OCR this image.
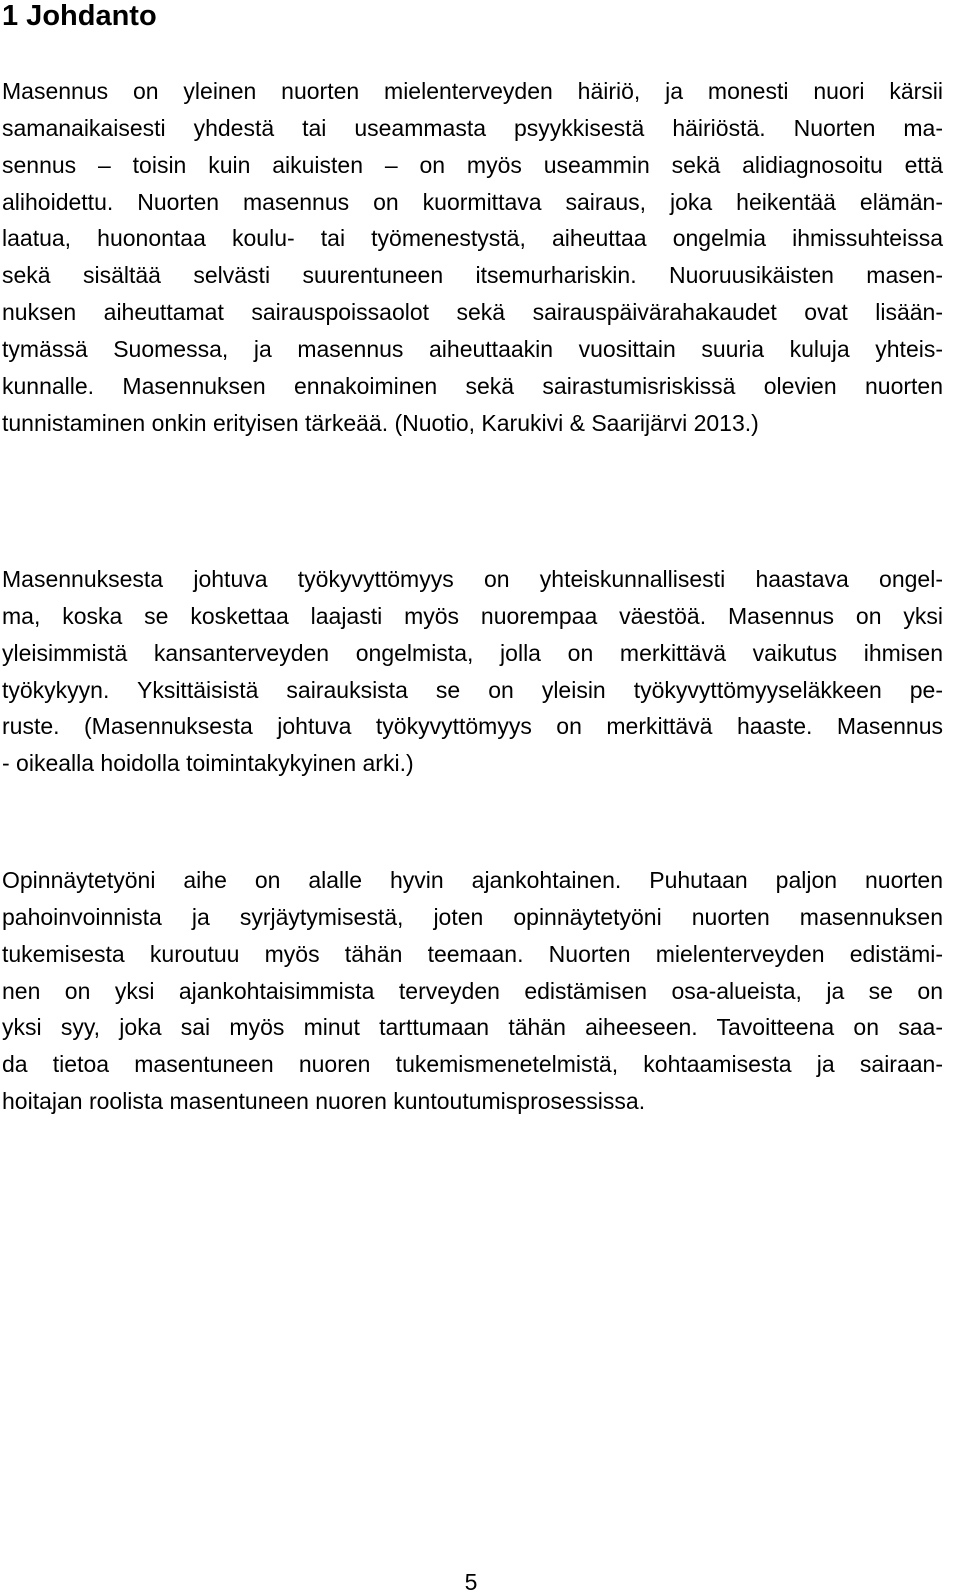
1 Johdanto
Masennus on yleinen nuorten mielenterveyden häiriö, ja monesti nuori kärsii
samanaikaisesti yhdestä tai useammasta psyykkisestä häiriöstä. Nuorten ma-
sennus – toisin kuin aikuisten – on myös useammin sekä alidiagnosoitu että
alihoidettu. Nuorten masennus on kuormittava sairaus, joka heikentää elämän-
laatua, huonontaa koulu- tai työmenestystä, aiheuttaa ongelmia ihmissuhteissa
sekä sisältää selvästi suurentuneen itsemurhariskin. Nuoruusikäisten masen-
nuksen aiheuttamat sairauspoissaolot sekä sairauspäivärahakaudet ovat lisään-
tymässä Suomessa, ja masennus aiheuttaakin vuosittain suuria kuluja yhteis-
kunnalle. Masennuksen ennakoiminen sekä sairastumisriskissä olevien nuorten
tunnistaminen onkin erityisen tärkeää. (Nuotio, Karukivi & Saarijärvi 2013.)
Masennuksesta johtuva työkyvyttömyys on yhteiskunnallisesti haastava ongel-
ma, koska se koskettaa laajasti myös nuorempaa väestöä. Masennus on yksi
yleisimmistä kansanterveyden ongelmista, jolla on merkittävä vaikutus ihmisen
työkykyyn. Yksittäisistä sairauksista se on yleisin työkyvyttömyyseläkkeen pe-
ruste. (Masennuksesta johtuva työkyvyttömyys on merkittävä haaste. Masennus
- oikealla hoidolla toimintakykyinen arki.)
Opinnäytetyöni aihe on alalle hyvin ajankohtainen. Puhutaan paljon nuorten
pahoinvoinnista ja syrjäytymisestä, joten opinnäytetyöni nuorten masennuksen
tukemisesta kuroutuu myös tähän teemaan. Nuorten mielenterveyden edistämi-
nen on yksi ajankohtaisimmista terveyden edistämisen osa-alueista, ja se on
yksi syy, joka sai myös minut tarttumaan tähän aiheeseen. Tavoitteena on saa-
da tietoa masentuneen nuoren tukemismenetelmistä, kohtaamisesta ja sairaan-
hoitajan roolista masentuneen nuoren kuntoutumisprosessissa.
5
